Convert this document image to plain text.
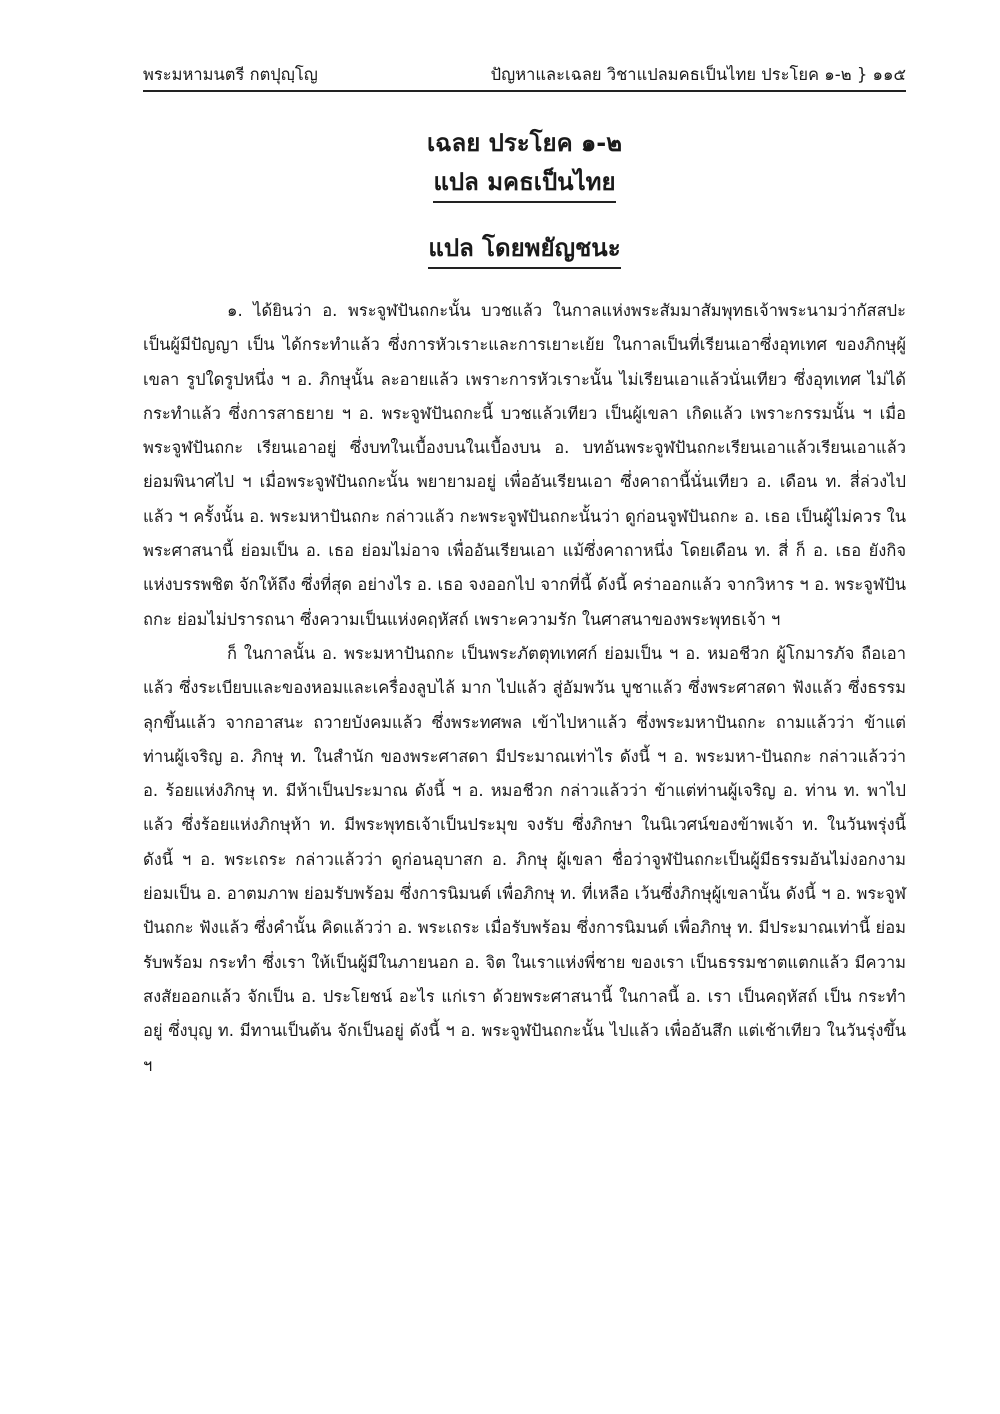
พระมหามนตรี กตปุญฺโญ	ปัญหาและเฉลย วิชาแปลมคธเป็นไทย ประโยค ๑-๒ } ๑๑๕

เฉลย ประโยค ๑-๒

แปล มคธเป็นไทย

แปล โดยพยัญชนะ

๑. ได้ยินว่า อ. พระจูฬปันถกะนั้น บวชแล้ว ในกาลแห่งพระสัมมาสัมพุทธเจ้าพระนามว่ากัสสปะ เป็นผู้มีปัญญา เป็น ได้กระทำแล้ว ซึ่งการหัวเราะและการเยาะเย้ย ในกาลเป็นที่เรียนเอาซึ่งอุทเทศ ของภิกษุผู้เขลา รูปใดรูปหนึ่ง ฯ อ. ภิกษุนั้น ละอายแล้ว เพราะการหัวเราะนั้น ไม่เรียนเอาแล้วนั่นเทียว ซึ่งอุทเทศ ไม่ได้กระทำแล้ว ซึ่งการสาธยาย ฯ อ. พระจูฬปันถกะนี้ บวชแล้วเทียว เป็นผู้เขลา เกิดแล้ว เพราะกรรมนั้น ฯ เมื่อพระจูฬปันถกะ เรียนเอาอยู่ ซึ่งบทในเบื้องบนในเบื้องบน อ. บทอันพระจูฬปันถกะเรียนเอาแล้วเรียนเอาแล้ว ย่อมพินาศไป ฯ เมื่อพระจูฬปันถกะนั้น พยายามอยู่ เพื่ออันเรียนเอา ซึ่งคาถานี้นั่นเทียว อ. เดือน ท. สี่ล่วงไปแล้ว ฯ ครั้งนั้น อ. พระมหาปันถกะ กล่าวแล้ว กะพระจูฬปันถกะนั้นว่า ดูก่อนจูฬปันถกะ อ. เธอ เป็นผู้ไม่ควร ในพระศาสนานี้ ย่อมเป็น อ. เธอ ย่อมไม่อาจ เพื่ออันเรียนเอา แม้ซึ่งคาถาหนึ่ง โดยเดือน ท. สี่ ก็ อ. เธอ ยังกิจแห่งบรรพชิต จักให้ถึง ซึ่งที่สุด อย่างไร อ. เธอ จงออกไป จากที่นี้ ดังนี้ คร่าออกแล้ว จากวิหาร ฯ อ. พระจูฬปันถกะ ย่อมไม่ปรารถนา ซึ่งความเป็นแห่งคฤหัสถ์ เพราะความรัก ในศาสนาของพระพุทธเจ้า ฯ

ก็ ในกาลนั้น อ. พระมหาปันถกะ เป็นพระภัตตุทเทศก์ ย่อมเป็น ฯ อ. หมอชีวก ผู้โกมารภัจ ถือเอาแล้ว ซึ่งระเบียบและของหอมและเครื่องลูบไล้ มาก ไปแล้ว สู่อัมพวัน บูชาแล้ว ซึ่งพระศาสดา ฟังแล้ว ซึ่งธรรม ลุกขึ้นแล้ว จากอาสนะ ถวายบังคมแล้ว ซึ่งพระทศพล เข้าไปหาแล้ว ซึ่งพระมหาปันถกะ ถามแล้วว่า ข้าแต่ท่านผู้เจริญ อ. ภิกษุ ท. ในสำนัก ของพระศาสดา มีประมาณเท่าไร ดังนี้ ฯ อ. พระมหา-ปันถกะ กล่าวแล้วว่า อ. ร้อยแห่งภิกษุ ท. มีห้าเป็นประมาณ ดังนี้ ฯ อ. หมอชีวก กล่าวแล้วว่า ข้าแต่ท่านผู้เจริญ อ. ท่าน ท. พาไปแล้ว ซึ่งร้อยแห่งภิกษุห้า ท. มีพระพุทธเจ้าเป็นประมุข จงรับ ซึ่งภิกษา ในนิเวศน์ของข้าพเจ้า ท. ในวันพรุ่งนี้ ดังนี้ ฯ อ. พระเถระ กล่าวแล้วว่า ดูก่อนอุบาสก อ. ภิกษุ ผู้เขลา ชื่อว่าจูฬปันถกะเป็นผู้มีธรรมอันไม่งอกงาม ย่อมเป็น อ. อาตมภาพ ย่อมรับพร้อม ซึ่งการนิมนต์ เพื่อภิกษุ ท. ที่เหลือ เว้นซึ่งภิกษุผู้เขลานั้น ดังนี้ ฯ อ. พระจูฬปันถกะ ฟังแล้ว ซึ่งคำนั้น คิดแล้วว่า อ. พระเถระ เมื่อรับพร้อม ซึ่งการนิมนต์ เพื่อภิกษุ ท. มีประมาณเท่านี้ ย่อมรับพร้อม กระทำ ซึ่งเรา ให้เป็นผู้มีในภายนอก อ. จิต ในเราแห่งพี่ชาย ของเรา เป็นธรรมชาตแตกแล้ว มีความสงสัยออกแล้ว จักเป็น อ. ประโยชน์ อะไร แก่เรา ด้วยพระศาสนานี้ ในกาลนี้ อ. เรา เป็นคฤหัสถ์ เป็น กระทำอยู่ ซึ่งบุญ ท. มีทานเป็นต้น จักเป็นอยู่ ดังนี้ ฯ อ. พระจูฬปันถกะนั้น ไปแล้ว เพื่ออันสึก แต่เช้าเทียว ในวันรุ่งขึ้น ฯ
